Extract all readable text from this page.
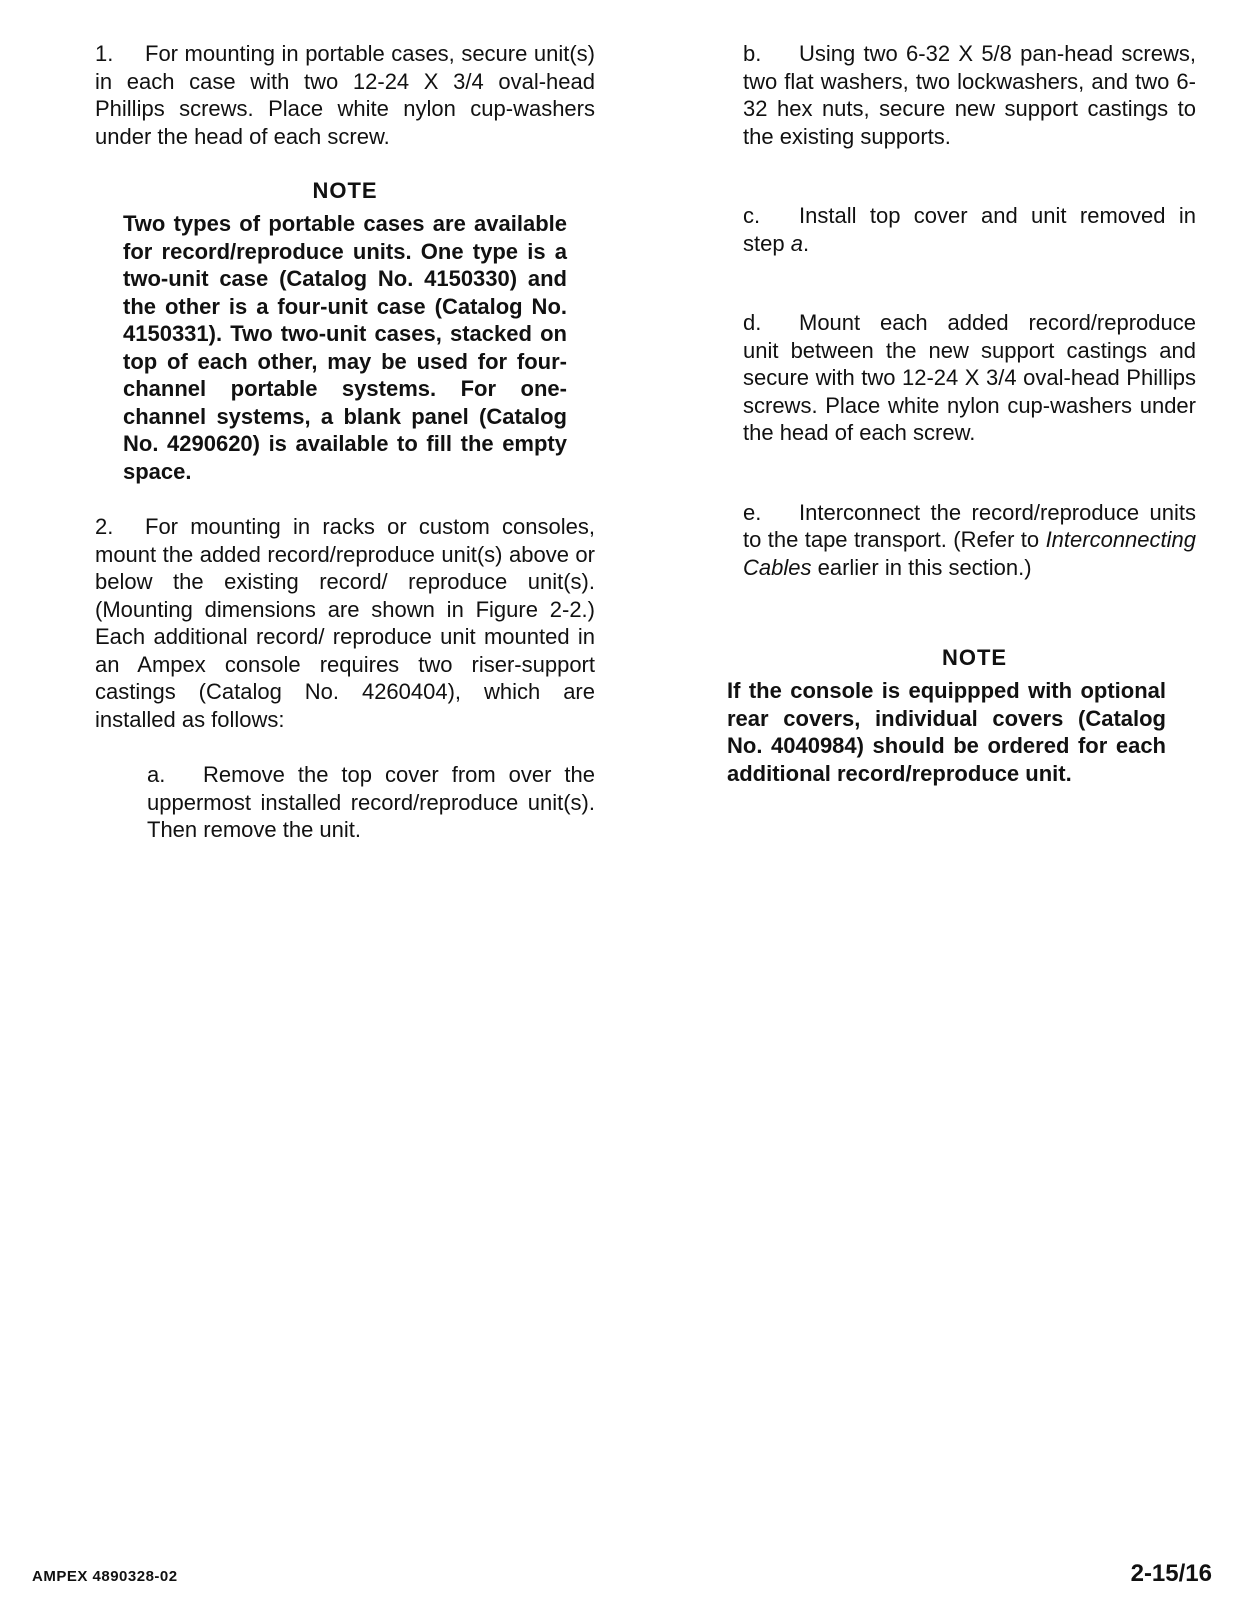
1. For mounting in portable cases, secure unit(s) in each case with two 12-24 X 3/4 oval-head Phillips screws. Place white nylon cup-washers under the head of each screw.

NOTE

Two types of portable cases are available for record/reproduce units. One type is a two-unit case (Catalog No. 4150330) and the other is a four-unit case (Catalog No. 4150331). Two two-unit cases, stacked on top of each other, may be used for four-channel portable systems. For one-channel systems, a blank panel (Catalog No. 4290620) is available to fill the empty space.

2. For mounting in racks or custom consoles, mount the added record/reproduce unit(s) above or below the existing record/ reproduce unit(s). (Mounting dimensions are shown in Figure 2-2.) Each additional record/ reproduce unit mounted in an Ampex console requires two riser-support castings (Catalog No. 4260404), which are installed as follows:

a. Remove the top cover from over the uppermost installed record/reproduce unit(s). Then remove the unit.

b. Using two 6-32 X 5/8 pan-head screws, two flat washers, two lockwashers, and two 6-32 hex nuts, secure new support castings to the existing supports.

c. Install top cover and unit removed in step a.

d. Mount each added record/reproduce unit between the new support castings and secure with two 12-24 X 3/4 oval-head Phillips screws. Place white nylon cup-washers under the head of each screw.

e. Interconnect the record/reproduce units to the tape transport. (Refer to Interconnecting Cables earlier in this section.)

NOTE

If the console is equippped with optional rear covers, individual covers (Catalog No. 4040984) should be ordered for each additional record/reproduce unit.

AMPEX 4890328-02	2-15/16
